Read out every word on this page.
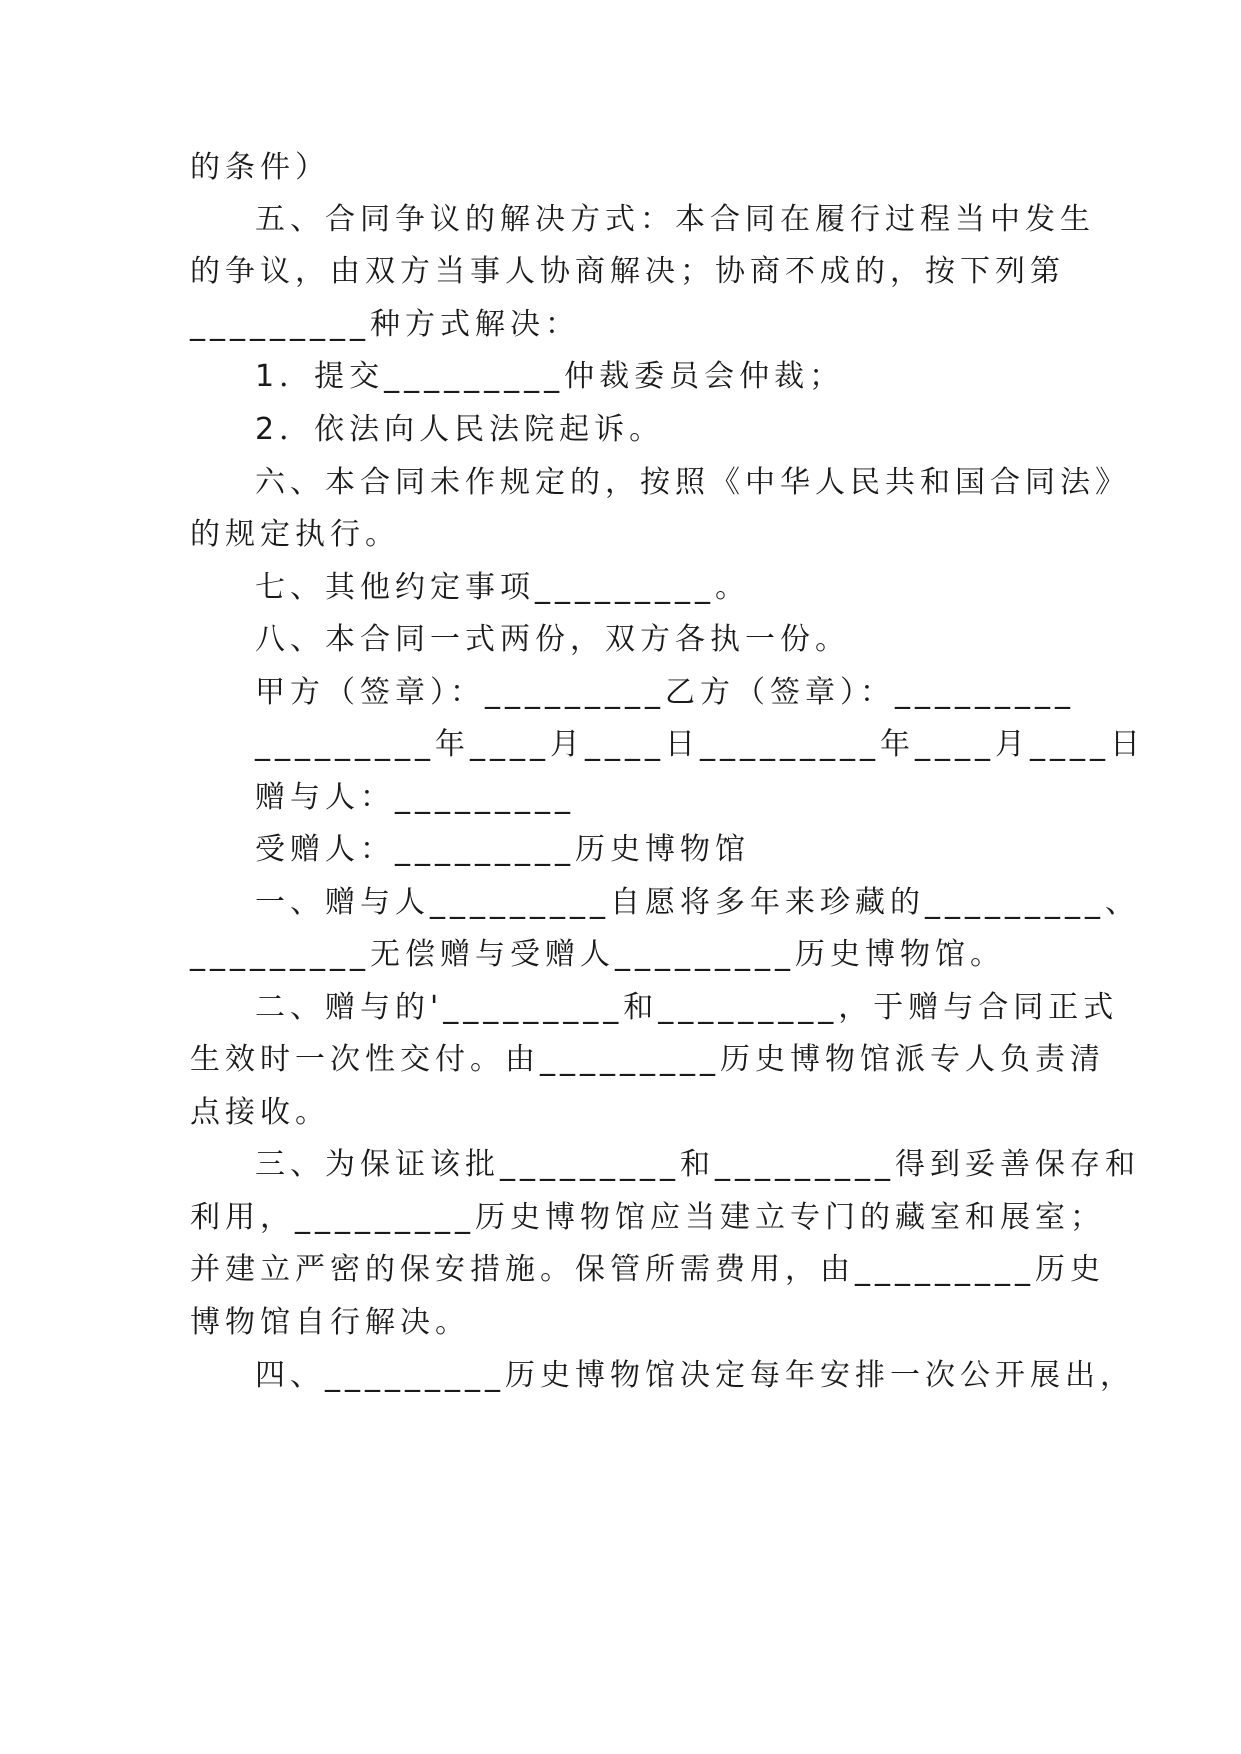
的条件）
五、合同争议的解决方式：本合同在履行过程当中发生
的争议，由双方当事人协商解决；协商不成的，按下列第
_________种方式解决：
1．提交_________仲裁委员会仲裁；
2．依法向人民法院起诉。
六、本合同未作规定的，按照《中华人民共和国合同法》
的规定执行。
七、其他约定事项_________。
八、本合同一式两份，双方各执一份。
甲方（签章）：_________乙方（签章）：_________
_________年____月____日_________年____月____日
赠与人：_________
受赠人：_________历史博物馆
一、赠与人_________自愿将多年来珍藏的_________、
_________无偿赠与受赠人_________历史博物馆。
二、赠与的'_________和_________，于赠与合同正式
生效时一次性交付。由_________历史博物馆派专人负责清
点接收。
三、为保证该批_________和_________得到妥善保存和
利用，_________历史博物馆应当建立专门的藏室和展室；
并建立严密的保安措施。保管所需费用，由_________历史
博物馆自行解决。
四、_________历史博物馆决定每年安排一次公开展出，
